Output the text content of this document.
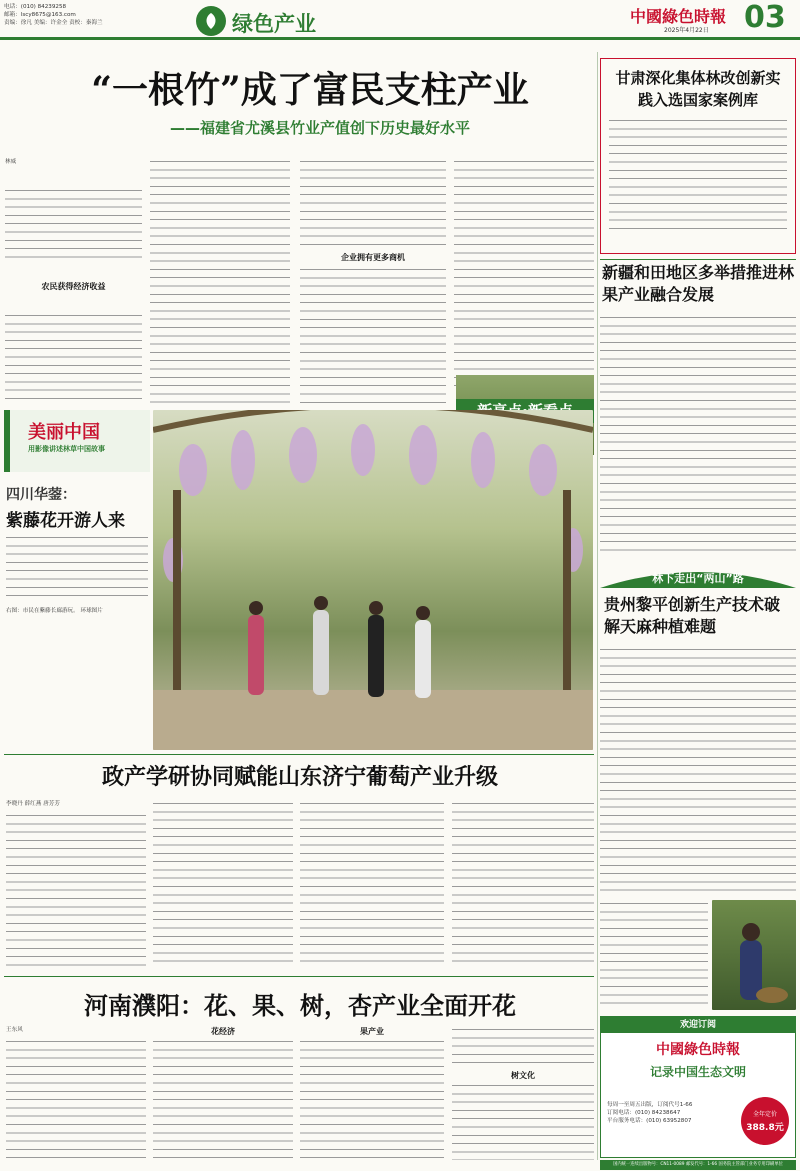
电话：(010) 84239258
邮箱：lscy8675@163.com
责编：徐凡 美编：许金全 责校：秦海兰	绿色产业	中國綠色時報 03
2025年4月22日
“一根竹”成了富民支柱产业
——福建省尤溪县竹业产值创下历史最好水平
林威

农民获得经济收益

企业拥有更多商机
甘肃深化集体林改创新实践入选国家案例库
新疆和田地区多举措推进林果产业融合发展
美丽中国
用影像讲述林草中国故事
四川华蓥：
紫藤花开游人来
右图：市民在紫藤长廊游玩。 环球图片
林下走出“两山”路
贵州黎平创新生产技术破解天麻种植难题
政产学研协同赋能山东济宁葡萄产业升级
李晓丹 薛红燕 唐芳芳
河南濮阳：花、果、树，杏产业全面开花
王东风	花经济	果产业
树文化
欢迎订阅
中國綠色時報
记录中国生态文明
每周一至周五出版，订阅代号1-66
订阅电话：(010) 84238647
平台服务电话：(010) 63952807
全年定价
388.8元
国内统一连续出版物号：CN11-0089 邮发代号：1-66 国务院主管部门业务专用印刷单位
